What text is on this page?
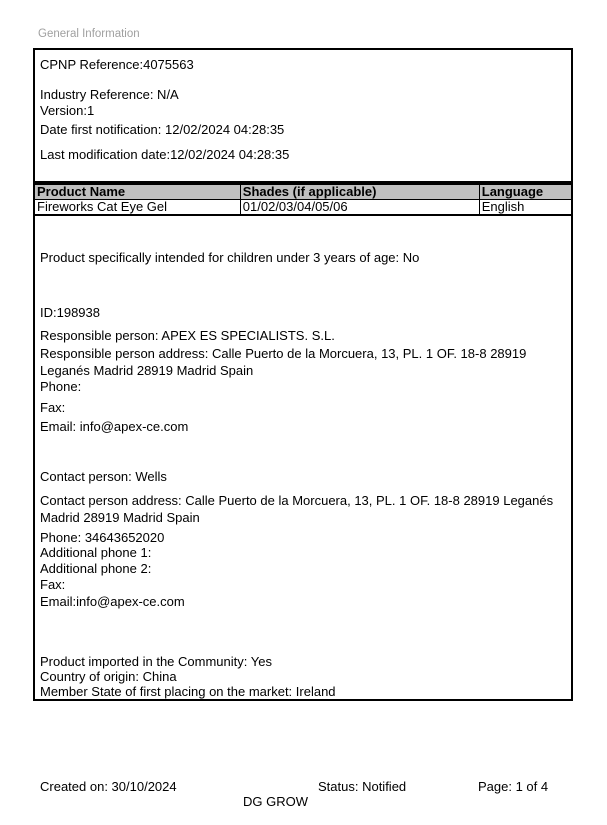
General Information
CPNP Reference:4075563
Industry Reference: N/A
Version:1
Date first notification: 12/02/2024 04:28:35
Last modification date:12/02/2024 04:28:35
Product Name	Shades (if applicable)	Language
Fireworks Cat Eye Gel	01/02/03/04/05/06	English
Product specifically intended for children under 3 years of age: No
ID:198938
Responsible person: APEX ES SPECIALISTS. S.L.
Responsible person address: Calle Puerto de la Morcuera, 13, PL. 1 OF. 18-8 28919 Leganés Madrid 28919 Madrid Spain
Phone:
Fax:
Email: info@apex-ce.com
Contact person: Wells
Contact person address: Calle Puerto de la Morcuera, 13, PL. 1 OF. 18-8 28919 Leganés Madrid 28919 Madrid Spain
Phone: 34643652020
Additional phone 1:
Additional phone 2:
Fax:
Email:info@apex-ce.com
Product imported in the Community: Yes
Country of origin: China
Member State of first placing on the market: Ireland
Created on: 30/10/2024	Status: Notified	Page: 1 of 4
DG GROW
